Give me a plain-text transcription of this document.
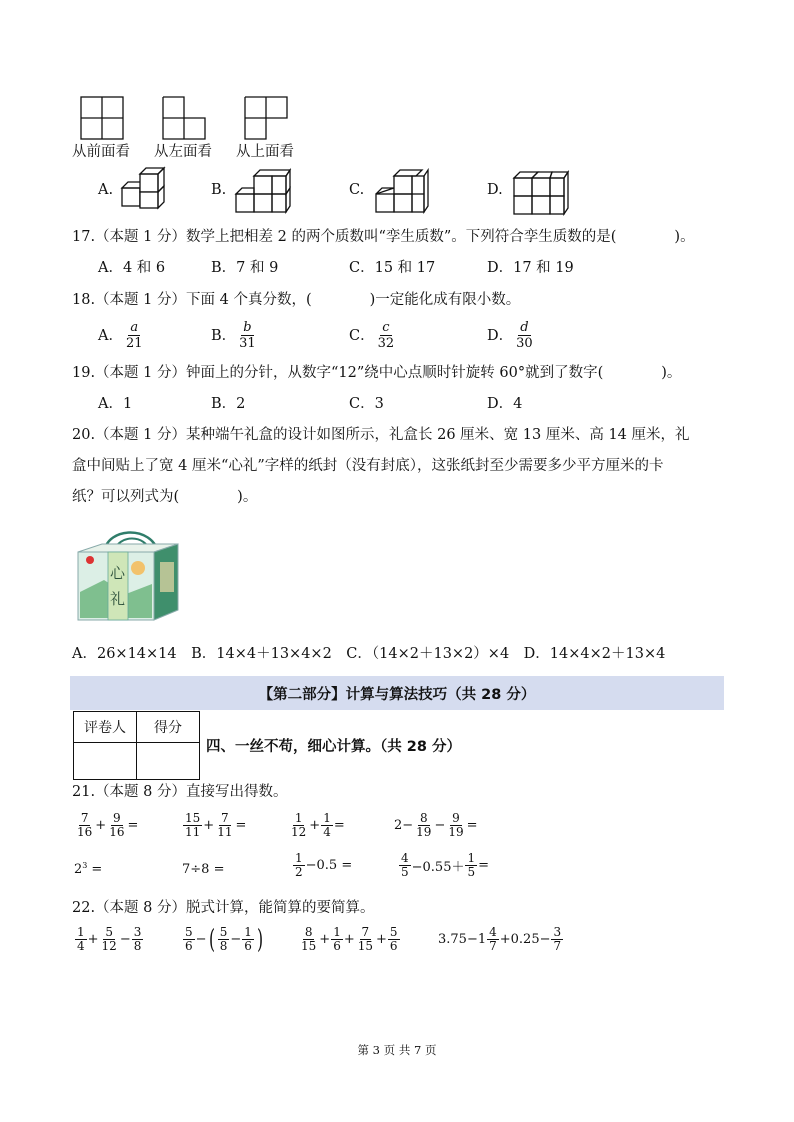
从前面看 从左面看 从上面看
A.	B.	C.	D.
17.（本题 1 分）数学上把相差 2 的两个质数叫“孪生质数”。下列符合孪生质数的是(　　　　)。
A．4 和 6	B．7 和 9	C．15 和 17	D．17 和 19
18.（本题 1 分）下面 4 个真分数，(　　　　)一定能化成有限小数。
A． $\frac{a}{21}$	B． $\frac{b}{31}$	C． $\frac{c}{32}$	D． $\frac{d}{30}$
19.（本题 1 分）钟面上的分针，从数字“12”绕中心点顺时针旋转 60°就到了数字(　　　　)。
A．1	B．2	C．3	D．4
20.（本题 1 分）某种端午礼盒的设计如图所示，礼盒长 26 厘米、宽 13 厘米、高 14 厘米，礼
盒中间贴上了宽 4 厘米“心礼”字样的纸封（没有封底），这张纸封至少需要多少平方厘米的卡
纸？可以列式为(　　　　)。
心
礼
A．26×14×14　B．14×4＋13×4×2　C．（14×2＋13×2）×4　D．14×4×2＋13×4
【第二部分】计算与算法技巧（共 28 分）
评卷人	得分

四、一丝不苟，细心计算。（共 28 分）
21.（本题 8 分）直接写出得数。
$\frac{7}{16} + \frac{9}{16}$ =	$\frac{15}{11} + \frac{7}{11}$ =	$\frac{1}{12} + \frac{1}{4}$ =	$2- \frac{8}{19} - \frac{9}{19}$ =
$2^3$ =	7÷8 =	$\frac{1}{2} -0.5$ =	$\frac{4}{5} -0.55+ \frac{1}{5}$ =
22.（本题 8 分）脱式计算，能简算的要简算。
$\frac{1}{4} + \frac{5}{12} - \frac{3}{8}$	$\frac{5}{6}$ − ( $\frac{5}{8} - \frac{1}{6}$ )	$\frac{8}{15} + \frac{1}{6} + \frac{7}{15} + \frac{5}{6}$	$3.75-1 \frac{4}{7} +0.25- \frac{3}{7}$
第 3 页 共 7 页
